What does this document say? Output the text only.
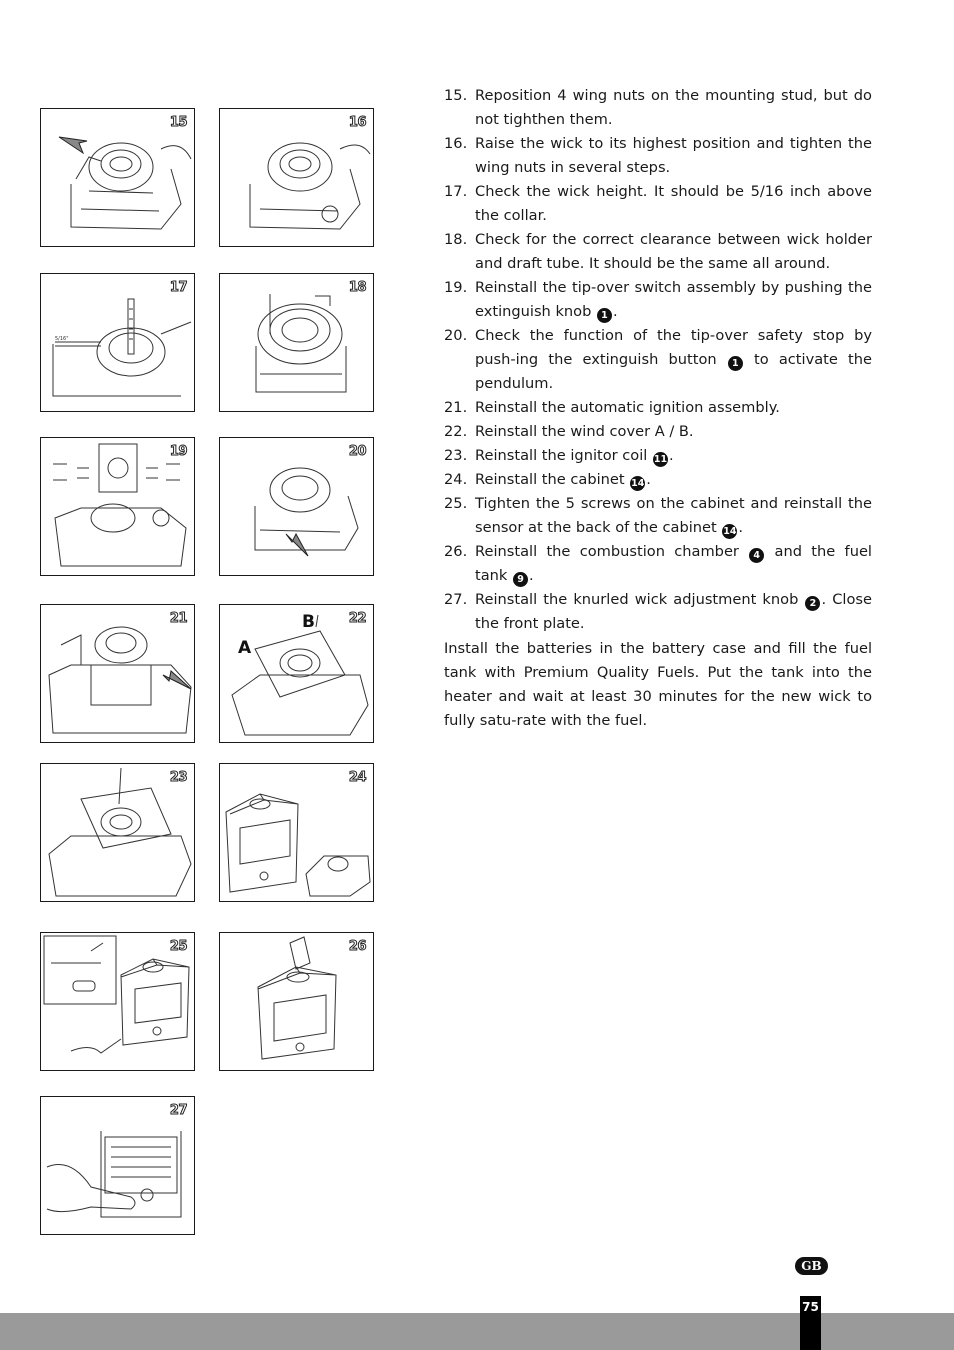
15	16
5/16"
17	18
19	20
21
A
B	22
23	24
25	26
27
15. Reposition 4 wing nuts on the mounting stud, but do not tighthen them.
16. Raise the wick to its highest position and tighten the wing nuts in several steps.
17. Check the wick height. It should be 5/16 inch above the collar.
18. Check for the correct clearance between wick holder and draft tube. It should be the same all around.
19. Reinstall the tip-over switch assembly by pushing the extinguish knob 1 .
20. Check the function of the tip-over safety stop by push-ing the extinguish button 1 to activate the pendulum.
21. Reinstall the automatic ignition assembly.
22. Reinstall the wind cover A / B.
23. Reinstall the ignitor coil 11 .
24. Reinstall the cabinet 14 .
25. Tighten the 5 screws on the cabinet and reinstall the sensor at the back of the cabinet 14 .
26. Reinstall the combustion chamber 4 and the fuel tank 9 .
27. Reinstall the knurled wick adjustment knob 2 . Close the front plate.

Install the batteries in the battery case and fill the fuel tank with Premium Quality Fuels. Put the tank into the heater and wait at least 30 minutes for the new wick to fully satu-rate with the fuel.

GB
75
